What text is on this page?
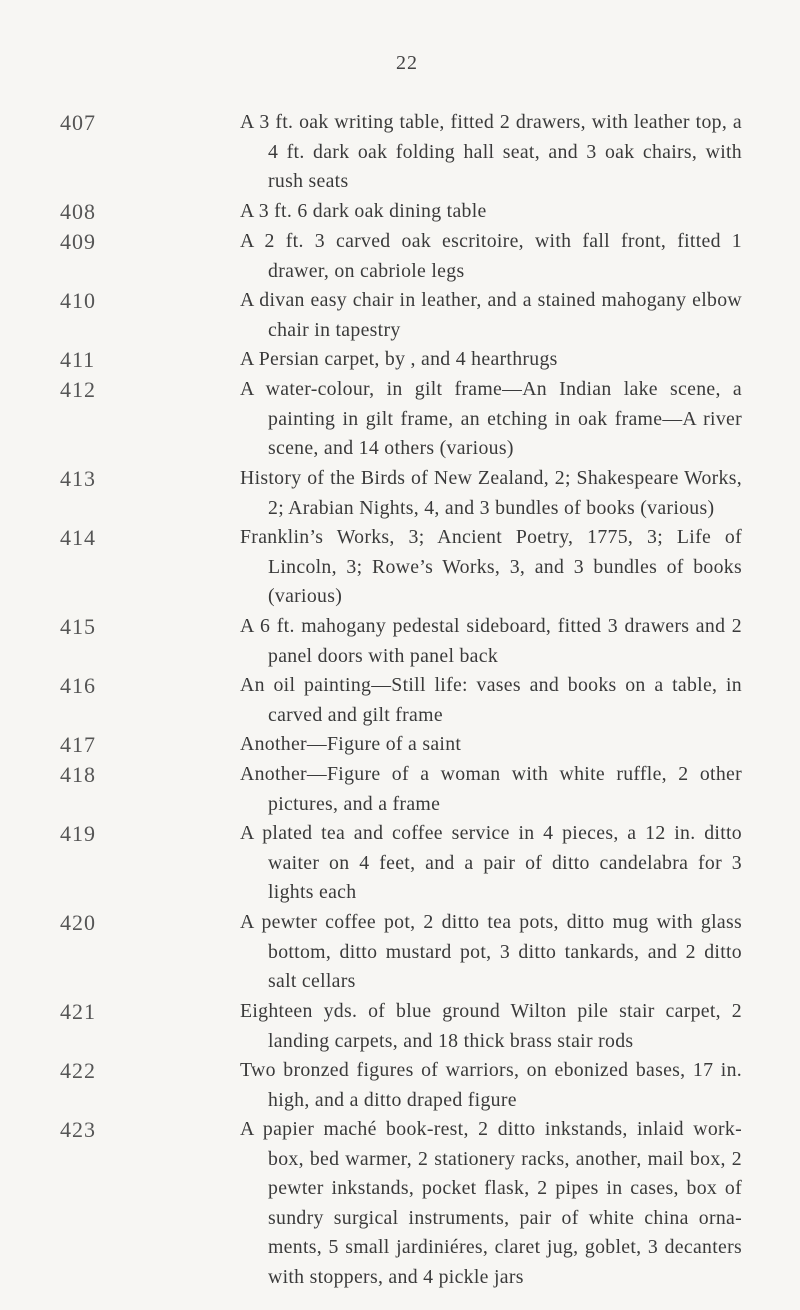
22
407	A 3 ft. oak writing table, fitted 2 drawers, with leather top, a 4 ft. dark oak folding hall seat, and 3 oak chairs, with rush seats
408	A 3 ft. 6 dark oak dining table
409	A 2 ft. 3 carved oak escritoire, with fall front, fitted 1 drawer, on cabriole legs
410	A divan easy chair in leather, and a stained mahogany elbow chair in tapestry
411	A Persian carpet, by , and 4 hearthrugs
412	A water-colour, in gilt frame—An Indian lake scene, a painting in gilt frame, an etching in oak frame—A river scene, and 14 others (various)
413	History of the Birds of New Zealand, 2; Shakespeare Works, 2; Arabian Nights, 4, and 3 bundles of books (various)
414	Franklin’s Works, 3; Ancient Poetry, 1775, 3; Life of Lincoln, 3; Rowe’s Works, 3, and 3 bundles of books (various)
415	A 6 ft. mahogany pedestal sideboard, fitted 3 drawers and 2 panel doors with panel back
416	An oil painting—Still life: vases and books on a table, in carved and gilt frame
417	Another—Figure of a saint
418	Another—Figure of a woman with white ruffle, 2 other pictures, and a frame
419	A plated tea and coffee service in 4 pieces, a 12 in. ditto waiter on 4 feet, and a pair of ditto candelabra for 3 lights each
420	A pewter coffee pot, 2 ditto tea pots, ditto mug with glass bottom, ditto mustard pot, 3 ditto tankards, and 2 ditto salt cellars
421	Eighteen yds. of blue ground Wilton pile stair carpet, 2 landing carpets, and 18 thick brass stair rods
422	Two bronzed figures of warriors, on ebonized bases, 17 in. high, and a ditto draped figure
423	A papier maché book-rest, 2 ditto inkstands, inlaid work-box, bed warmer, 2 stationery racks, another, mail box, 2 pewter inkstands, pocket flask, 2 pipes in cases, box of sundry surgical instruments, pair of white china orna-ments, 5 small jardiniéres, claret jug, goblet, 3 decanters with stoppers, and 4 pickle jars
